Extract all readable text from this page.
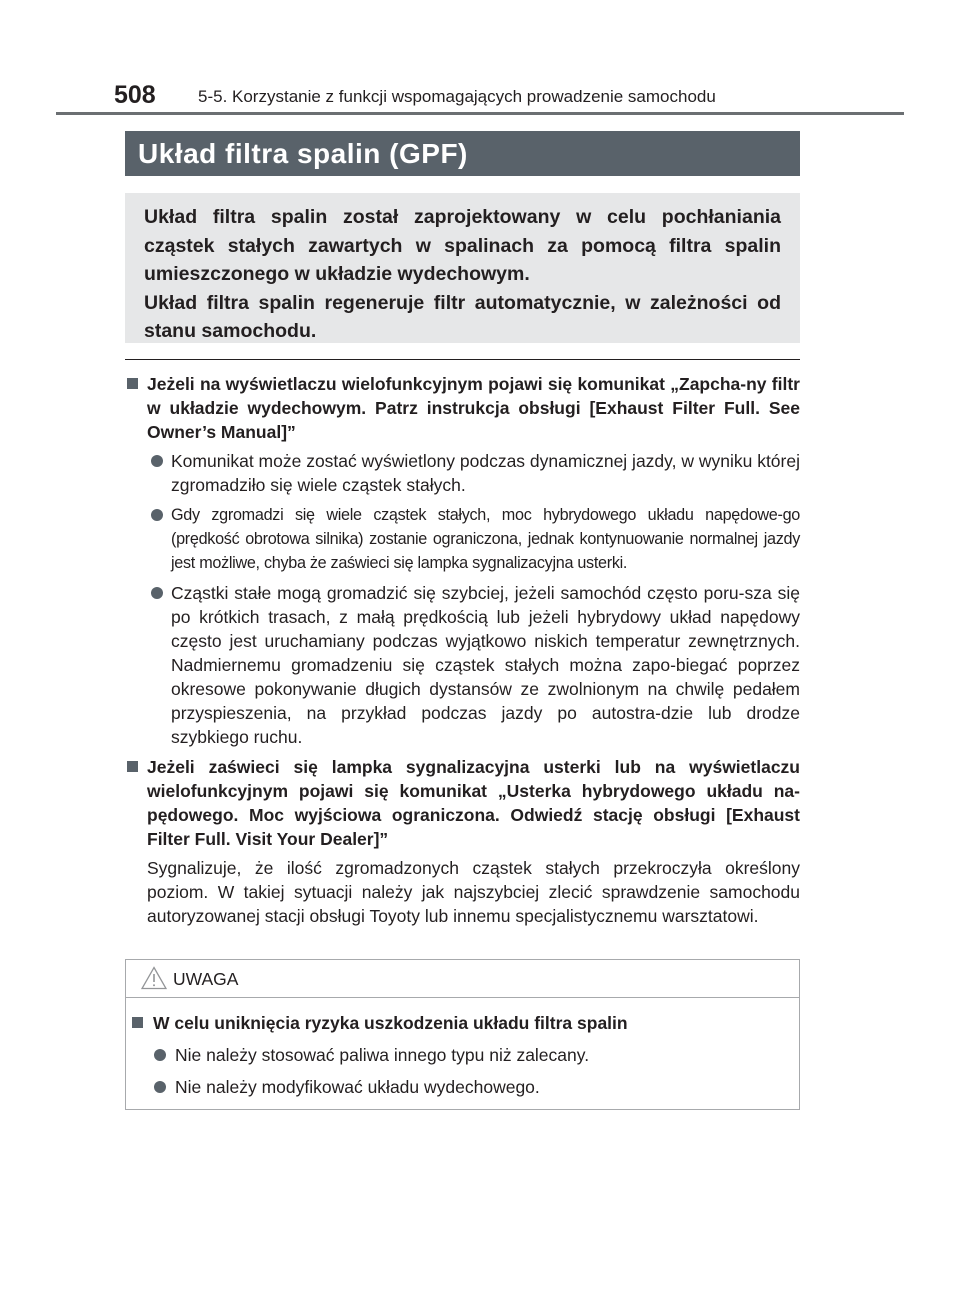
508 5-5. Korzystanie z funkcji wspomagających prowadzenie samochodu
Układ filtra spalin (GPF)

Układ filtra spalin został zaprojektowany w celu pochłaniania cząstek stałych zawartych w spalinach za pomocą filtra spalin umieszczonego w układzie wydechowym.

Układ filtra spalin regeneruje filtr automatycznie, w zależności od stanu samochodu.

Jeżeli na wyświetlaczu wielofunkcyjnym pojawi się komunikat „Zapcha-ny filtr w układzie wydechowym. Patrz instrukcja obsługi [Exhaust Filter Full. See Owner’s Manual]”
Komunikat może zostać wyświetlony podczas dynamicznej jazdy, w wyniku której zgromadziło się wiele cząstek stałych.
Gdy zgromadzi się wiele cząstek stałych, moc hybrydowego układu napędowe-go (prędkość obrotowa silnika) zostanie ograniczona, jednak kontynuowanie normalnej jazdy jest możliwe, chyba że zaświeci się lampka sygnalizacyjna usterki.
Cząstki stałe mogą gromadzić się szybciej, jeżeli samochód często poru-sza się po krótkich trasach, z małą prędkością lub jeżeli hybrydowy układ napędowy często jest uruchamiany podczas wyjątkowo niskich temperatur zewnętrznych. Nadmiernemu gromadzeniu się cząstek stałych można zapo-biegać poprzez okresowe pokonywanie długich dystansów ze zwolnionym na chwilę pedałem przyspieszenia, na przykład podczas jazdy po autostra-dzie lub drodze szybkiego ruchu.
Jeżeli zaświeci się lampka sygnalizacyjna usterki lub na wyświetlaczu wielofunkcyjnym pojawi się komunikat „Usterka hybrydowego układu na-pędowego. Moc wyjściowa ograniczona. Odwiedź stację obsługi [Exhaust Filter Full. Visit Your Dealer]”
Sygnalizuje, że ilość zgromadzonych cząstek stałych przekroczyła określony poziom. W takiej sytuacji należy jak najszybciej zlecić sprawdzenie samochodu autoryzowanej stacji obsługi Toyoty lub innemu specjalistycznemu warsztatowi.
UWAGA
W celu uniknięcia ryzyka uszkodzenia układu filtra spalin
Nie należy stosować paliwa innego typu niż zalecany.
Nie należy modyfikować układu wydechowego.
